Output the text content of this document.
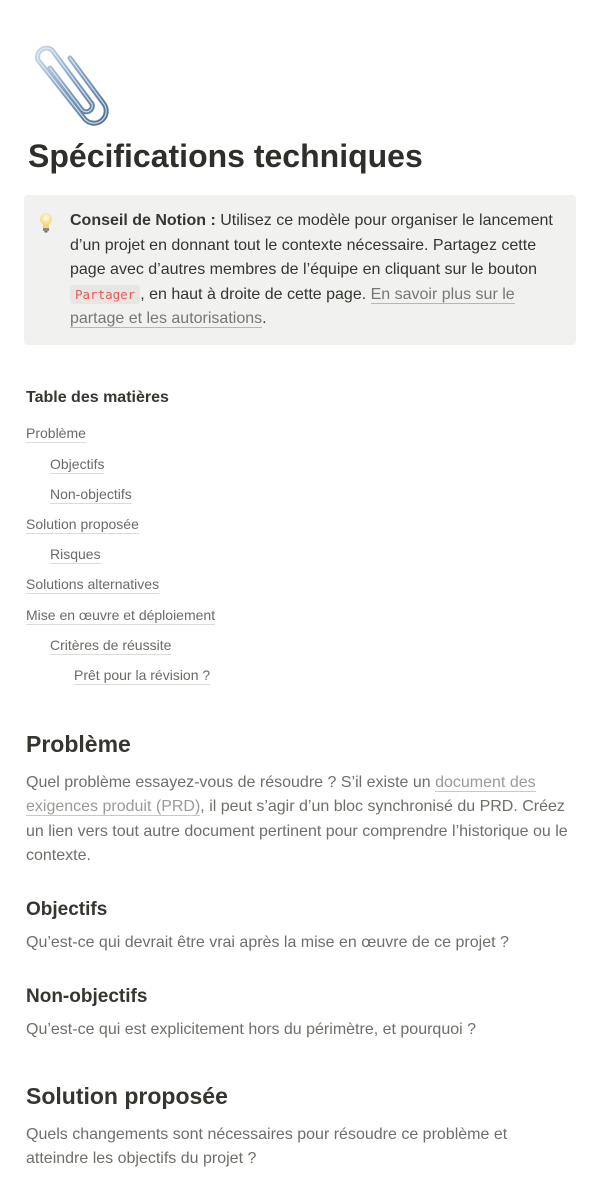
Spécifications techniques
Conseil de Notion : Utilisez ce modèle pour organiser le lancement d’un projet en donnant tout le contexte nécessaire. Partagez cette page avec d’autres membres de l’équipe en cliquant sur le bouton Partager , en haut à droite de cette page. En savoir plus sur le partage et les autorisations.
Table des matières
Problème
Objectifs
Non-objectifs
Solution proposée
Risques
Solutions alternatives
Mise en œuvre et déploiement
Critères de réussite
Prêt pour la révision ?
Problème

Quel problème essayez-vous de résoudre ? S’il existe un document des exigences produit (PRD), il peut s’agir d’un bloc synchronisé du PRD. Créez un lien vers tout autre document pertinent pour comprendre l’historique ou le contexte.

Objectifs

Qu’est-ce qui devrait être vrai après la mise en œuvre de ce projet ?

Non-objectifs

Qu’est-ce qui est explicitement hors du périmètre, et pourquoi ?

Solution proposée

Quels changements sont nécessaires pour résoudre ce problème et atteindre les objectifs du projet ?
